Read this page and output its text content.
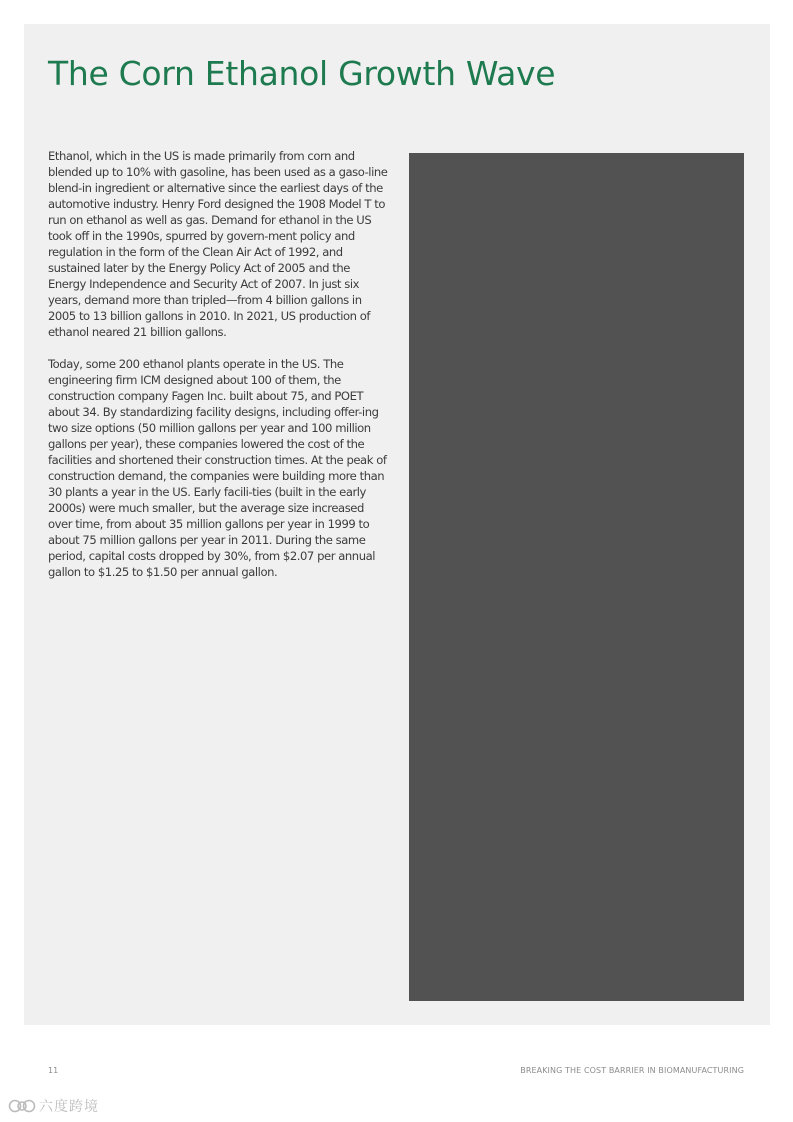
The Corn Ethanol Growth Wave

Ethanol, which in the US is made primarily from corn and blended up to 10% with gasoline, has been used as a gaso-line blend-in ingredient or alternative since the earliest days of the automotive industry. Henry Ford designed the 1908 Model T to run on ethanol as well as gas. Demand for ethanol in the US took off in the 1990s, spurred by govern-ment policy and regulation in the form of the Clean Air Act of 1992, and sustained later by the Energy Policy Act of 2005 and the Energy Independence and Security Act of 2007. In just six years, demand more than tripled—from 4 billion gallons in 2005 to 13 billion gallons in 2010. In 2021, US production of ethanol neared 21 billion gallons.

Today, some 200 ethanol plants operate in the US. The engineering firm ICM designed about 100 of them, the construction company Fagen Inc. built about 75, and POET about 34. By standardizing facility designs, including offer-ing two size options (50 million gallons per year and 100 million gallons per year), these companies lowered the cost of the facilities and shortened their construction times. At the peak of construction demand, the companies were building more than 30 plants a year in the US. Early facili-ties (built in the early 2000s) were much smaller, but the average size increased over time, from about 35 million gallons per year in 1999 to about 75 million gallons per year in 2011. During the same period, capital costs dropped by 30%, from $2.07 per annual gallon to $1.25 to $1.50 per annual gallon.

11	BREAKING THE COST BARRIER IN BIOMANUFACTURING
六度跨境
